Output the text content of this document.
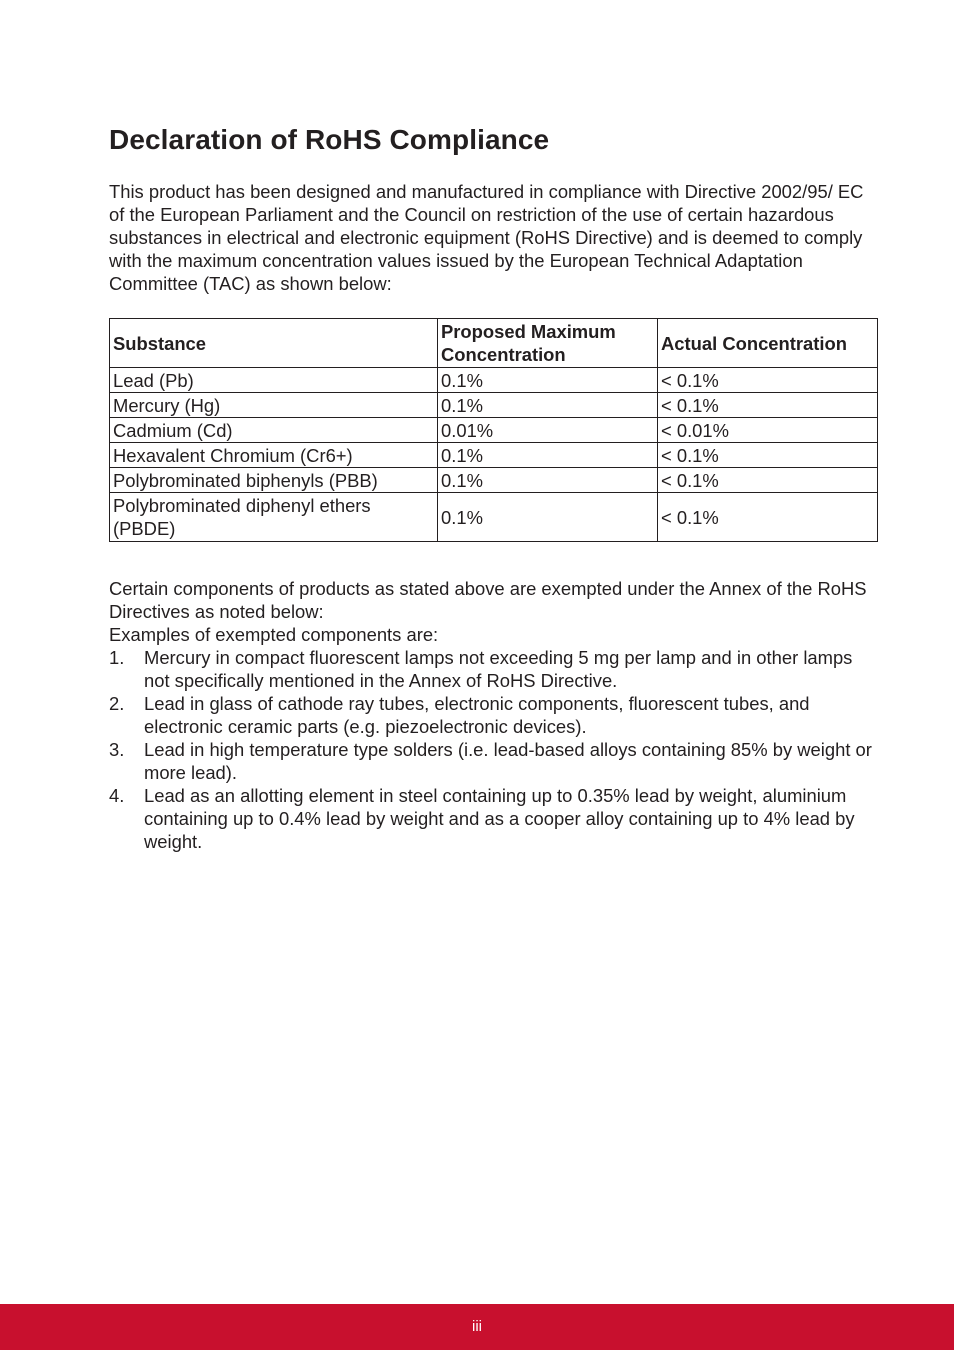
Declaration of RoHS Compliance

This product has been designed and manufactured in compliance with Directive 2002/95/ EC of the European Parliament and the Council on restriction of the use of certain hazardous substances in electrical and electronic equipment (RoHS Directive) and is deemed to comply with the maximum concentration values issued by the European Technical Adaptation Committee (TAC) as shown below:

Substance	Proposed Maximum Concentration	Actual Concentration
Lead (Pb)	0.1%	< 0.1%
Mercury (Hg)	0.1%	< 0.1%
Cadmium (Cd)	0.01%	< 0.01%
Hexavalent Chromium (Cr6+)	0.1%	< 0.1%
Polybrominated biphenyls (PBB)	0.1%	< 0.1%
Polybrominated diphenyl ethers (PBDE)	0.1%	< 0.1%

Certain components of products as stated above are exempted under the Annex of the RoHS Directives as noted below:

Examples of exempted components are:

1.	Mercury in compact fluorescent lamps not exceeding 5 mg per lamp and in other lamps not specifically mentioned in the Annex of RoHS Directive.
2.	Lead in glass of cathode ray tubes, electronic components, fluorescent tubes, and electronic ceramic parts (e.g. piezoelectronic devices).
3.	Lead in high temperature type solders (i.e. lead-based alloys containing 85% by weight or more lead).
4.	Lead as an allotting element in steel containing up to 0.35% lead by weight, aluminium containing up to 0.4% lead by weight and as a cooper alloy containing up to 4% lead by weight.
iii
